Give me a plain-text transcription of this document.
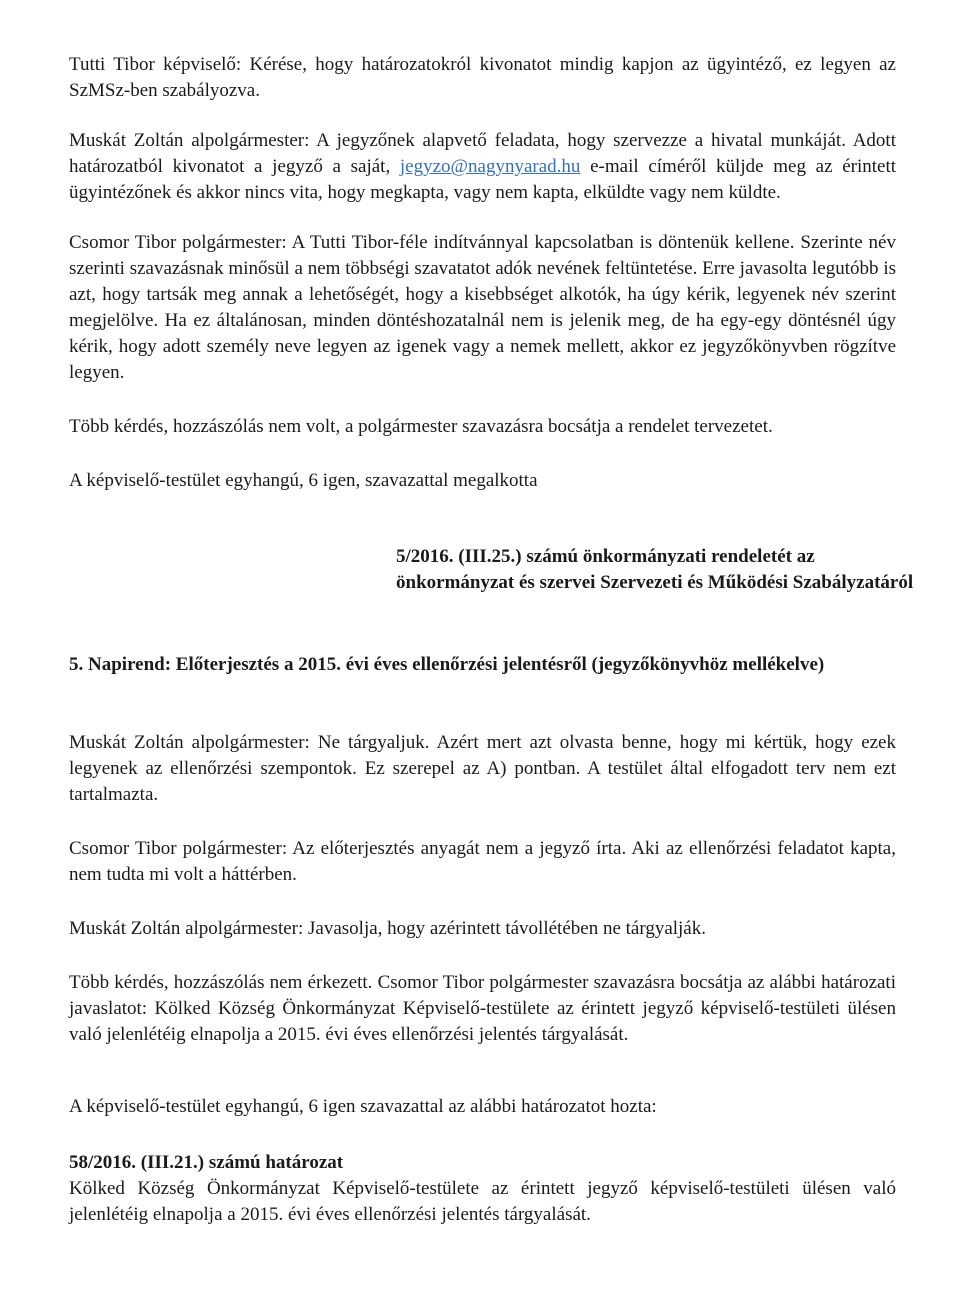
Tutti Tibor képviselő: Kérése, hogy határozatokról kivonatot mindig kapjon az ügyintéző, ez legyen az SzMSz-ben szabályozva.

Muskát Zoltán alpolgármester: A jegyzőnek alapvető feladata, hogy szervezze a hivatal munkáját. Adott határozatból kivonatot a jegyző a saját, jegyzo@nagynyarad.hu e-mail címéről küljde meg az érintett ügyintézőnek és akkor nincs vita, hogy megkapta, vagy nem kapta, elküldte vagy nem küldte.

Csomor Tibor polgármester: A Tutti Tibor-féle indítvánnyal kapcsolatban is döntenük kellene. Szerinte név szerinti szavazásnak minősül a nem többségi szavatatot adók nevének feltüntetése. Erre javasolta legutóbb is azt, hogy tartsák meg annak a lehetőségét, hogy a kisebbséget alkotók, ha úgy kérik, legyenek név szerint megjelölve. Ha ez általánosan, minden döntéshozatalnál nem is jelenik meg, de ha egy-egy döntésnél úgy kérik, hogy adott személy neve legyen az igenek vagy a nemek mellett, akkor ez jegyzőkönyvben rögzítve legyen.

Több kérdés, hozzászólás nem volt, a polgármester szavazásra bocsátja a rendelet tervezetet.

A képviselő-testület egyhangú, 6 igen, szavazattal megalkotta

5/2016. (III.25.) számú önkormányzati rendeletét az önkormányzat és szervei Szervezeti és Működési Szabályzatáról
5. Napirend: Előterjesztés a 2015. évi éves ellenőrzési jelentésről (jegyzőkönyvhöz mellékelve)

Muskát Zoltán alpolgármester: Ne tárgyaljuk. Azért mert azt olvasta benne, hogy mi kértük, hogy ezek legyenek az ellenőrzési szempontok. Ez szerepel az A) pontban. A testület által elfogadott terv nem ezt tartalmazta.

Csomor Tibor polgármester: Az előterjesztés anyagát nem a jegyző írta. Aki az ellenőrzési feladatot kapta, nem tudta mi volt a háttérben.

Muskát Zoltán alpolgármester: Javasolja, hogy azérintett távollétében ne tárgyalják.

Több kérdés, hozzászólás nem érkezett. Csomor Tibor polgármester szavazásra bocsátja az alábbi határozati javaslatot: Kölked Község Önkormányzat Képviselő-testülete az érintett jegyző képviselő-testületi ülésen való jelenlétéig elnapolja a 2015. évi éves ellenőrzési jelentés tárgyalását.

A képviselő-testület egyhangú, 6 igen szavazattal az alábbi határozatot hozta:

58/2016. (III.21.) számú határozat

Kölked Község Önkormányzat Képviselő-testülete az érintett jegyző képviselő-testületi ülésen való jelenlétéig elnapolja a 2015. évi éves ellenőrzési jelentés tárgyalását.
